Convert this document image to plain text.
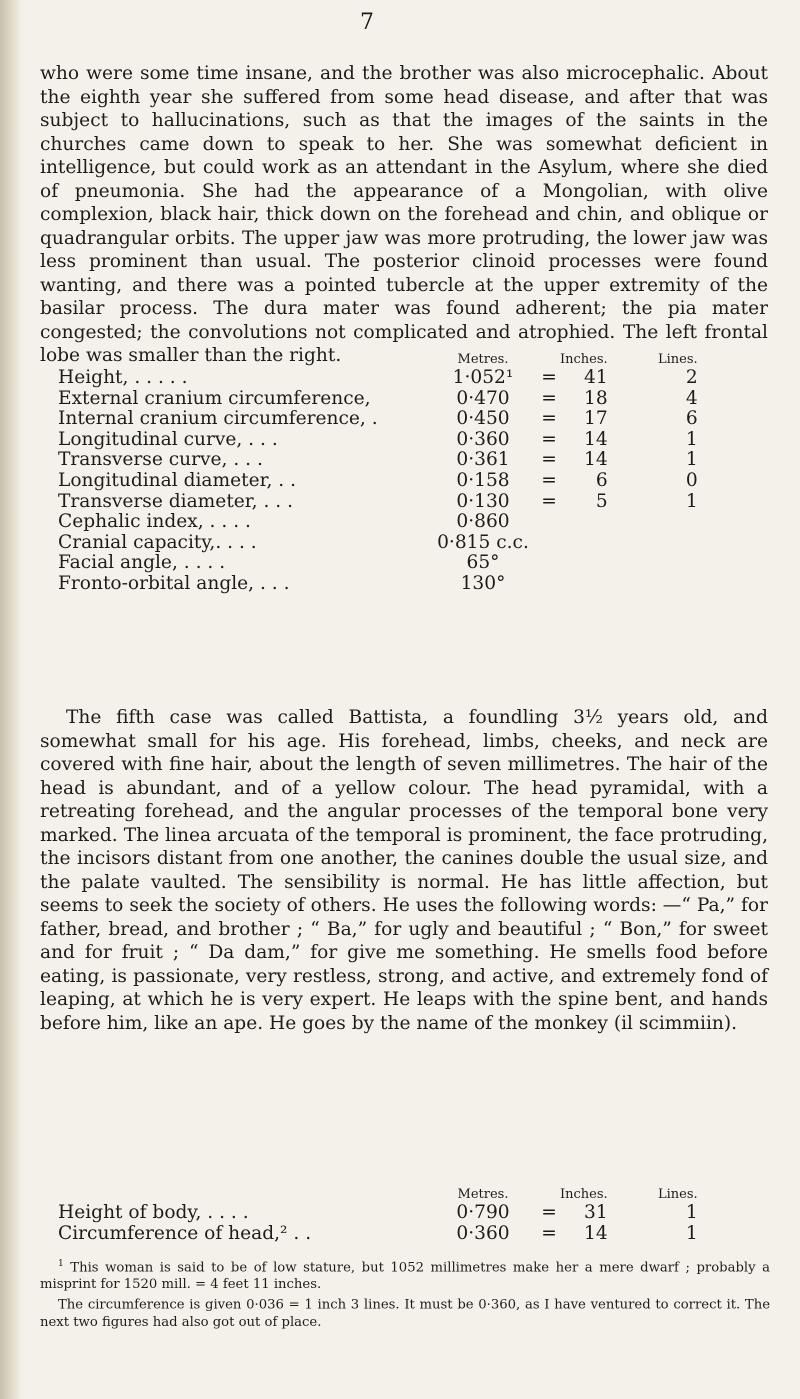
7

who were some time insane, and the brother was also microcephalic. About the eighth year she suffered from some head disease, and after that was subject to hallucinations, such as that the images of the saints in the churches came down to speak to her. She was somewhat deficient in intelligence, but could work as an attendant in the Asylum, where she died of pneumonia. She had the appearance of a Mongolian, with olive complexion, black hair, thick down on the forehead and chin, and oblique or quadrangular orbits. The upper jaw was more protruding, the lower jaw was less prominent than usual. The posterior clinoid processes were found wanting, and there was a pointed tubercle at the upper extremity of the basilar process. The dura mater was found adherent; the pia mater congested; the convolutions not complicated and atrophied. The left frontal lobe was smaller than the right.

		Metres.		Inches.	Lines.
Height, . . . . .	1·052¹	=	41	2
External cranium circumference,	0·470	=	18	4
Internal cranium circumference, .	0·450	=	17	6
Longitudinal curve, . . .	0·360	=	14	1
Transverse curve, . . .	0·361	=	14	1
Longitudinal diameter, . .	0·158	=	6	0
Transverse diameter, . . .	0·130	=	5	1
Cephalic index, . . . .	0·860			
Cranial capacity,. . . .	0·815 c.c.			
Facial angle, . . . .	65°			
Fronto-orbital angle, . . .	130°			

The fifth case was called Battista, a foundling 3½ years old, and somewhat small for his age. His forehead, limbs, cheeks, and neck are covered with fine hair, about the length of seven millimetres. The hair of the head is abundant, and of a yellow colour. The head pyramidal, with a retreating forehead, and the angular processes of the temporal bone very marked. The linea arcuata of the temporal is prominent, the face protruding, the incisors distant from one another, the canines double the usual size, and the palate vaulted. The sensibility is normal. He has little affection, but seems to seek the society of others. He uses the following words: —“ Pa,” for father, bread, and brother ; “ Ba,” for ugly and beautiful ; “ Bon,” for sweet and for fruit ; “ Da dam,” for give me something. He smells food before eating, is passionate, very restless, strong, and active, and extremely fond of leaping, at which he is very expert. He leaps with the spine bent, and hands before him, like an ape. He goes by the name of the monkey (il scimmiin).

	Metres.		Inches.	Lines.
Height of body, . . . .	0·790	=	31	1
Circumference of head,² . .	0·360	=	14	1

$^1$ This woman is said to be of low stature, but 1052 millimetres make her a mere dwarf ; probably a misprint for 1520 mill. = 4 feet 11 inches.

The circumference is given 0·036 = 1 inch 3 lines. It must be 0·360, as I have ventured to correct it. The next two figures had also got out of place.
